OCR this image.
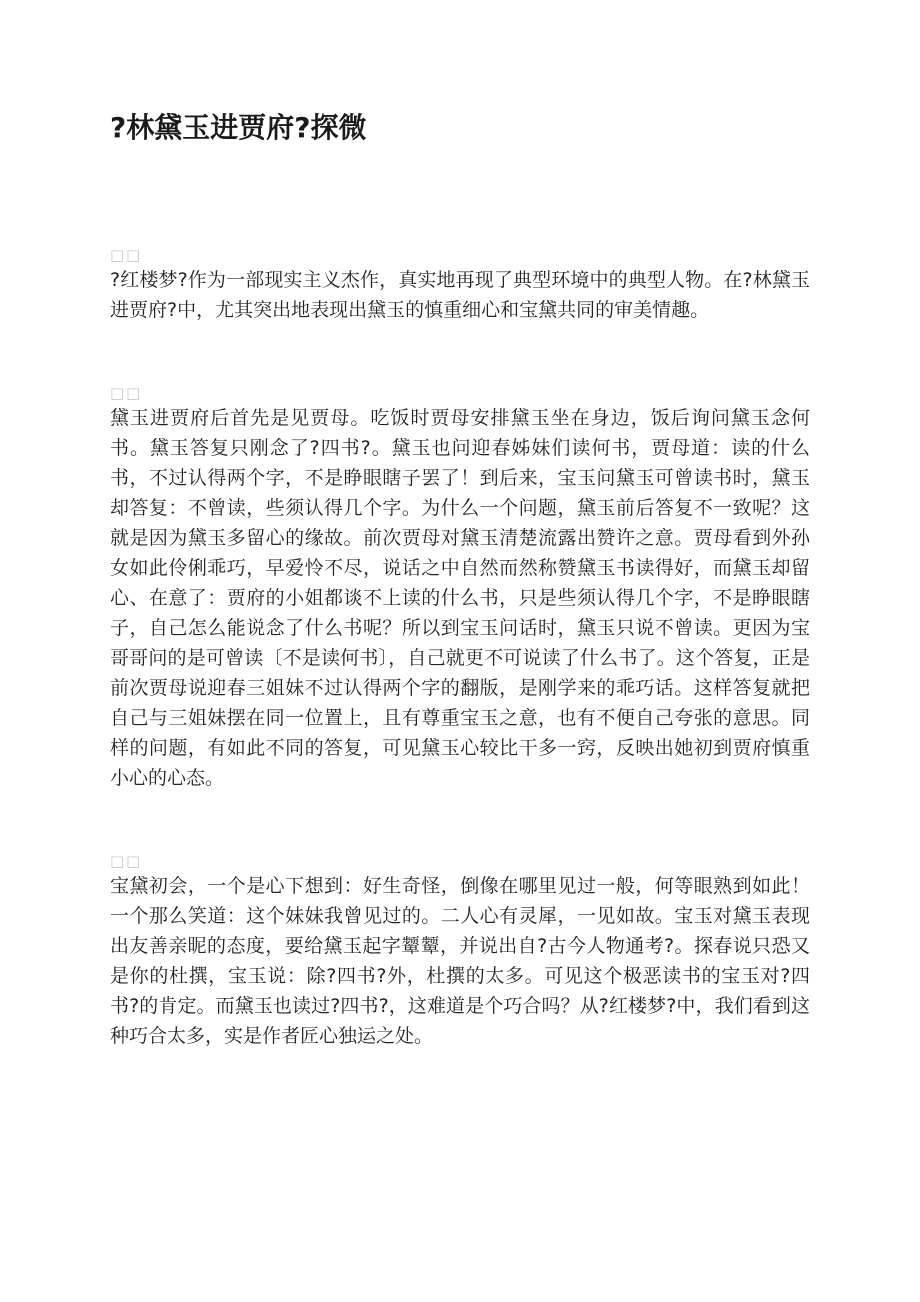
?林黛玉进贾府?探微
□□

?红楼梦?作为一部现实主义杰作，真实地再现了典型环境中的典型人物。在?林黛玉进贾府?中，尤其突出地表现出黛玉的慎重细心和宝黛共同的审美情趣。

□□

黛玉进贾府后首先是见贾母。吃饭时贾母安排黛玉坐在身边，饭后询问黛玉念何书。黛玉答复只刚念了?四书?。黛玉也问迎春姊妹们读何书，贾母道：读的什么书，不过认得两个字，不是睁眼瞎子罢了！到后来，宝玉问黛玉可曾读书时，黛玉却答复：不曾读，些须认得几个字。为什么一个问题，黛玉前后答复不一致呢？这就是因为黛玉多留心的缘故。前次贾母对黛玉清楚流露出赞许之意。贾母看到外孙女如此伶俐乖巧，早爱怜不尽，说话之中自然而然称赞黛玉书读得好，而黛玉却留心、在意了：贾府的小姐都谈不上读的什么书，只是些须认得几个字，不是睁眼瞎子，自己怎么能说念了什么书呢？所以到宝玉问话时，黛玉只说不曾读。更因为宝哥哥问的是可曾读〔不是读何书〕，自己就更不可说读了什么书了。这个答复，正是前次贾母说迎春三姐妹不过认得两个字的翻版，是刚学来的乖巧话。这样答复就把自己与三姐妹摆在同一位置上，且有尊重宝玉之意，也有不便自己夸张的意思。同样的问题，有如此不同的答复，可见黛玉心较比干多一窍，反映出她初到贾府慎重小心的心态。

□□

宝黛初会，一个是心下想到：好生奇怪，倒像在哪里见过一般，何等眼熟到如此！一个那么笑道：这个妹妹我曾见过的。二人心有灵犀，一见如故。宝玉对黛玉表现出友善亲昵的态度，要给黛玉起字颦颦，并说出自?古今人物通考?。探春说只恐又是你的杜撰，宝玉说：除?四书?外，杜撰的太多。可见这个极恶读书的宝玉对?四书?的肯定。而黛玉也读过?四书?，这难道是个巧合吗？从?红楼梦?中，我们看到这种巧合太多，实是作者匠心独运之处。
